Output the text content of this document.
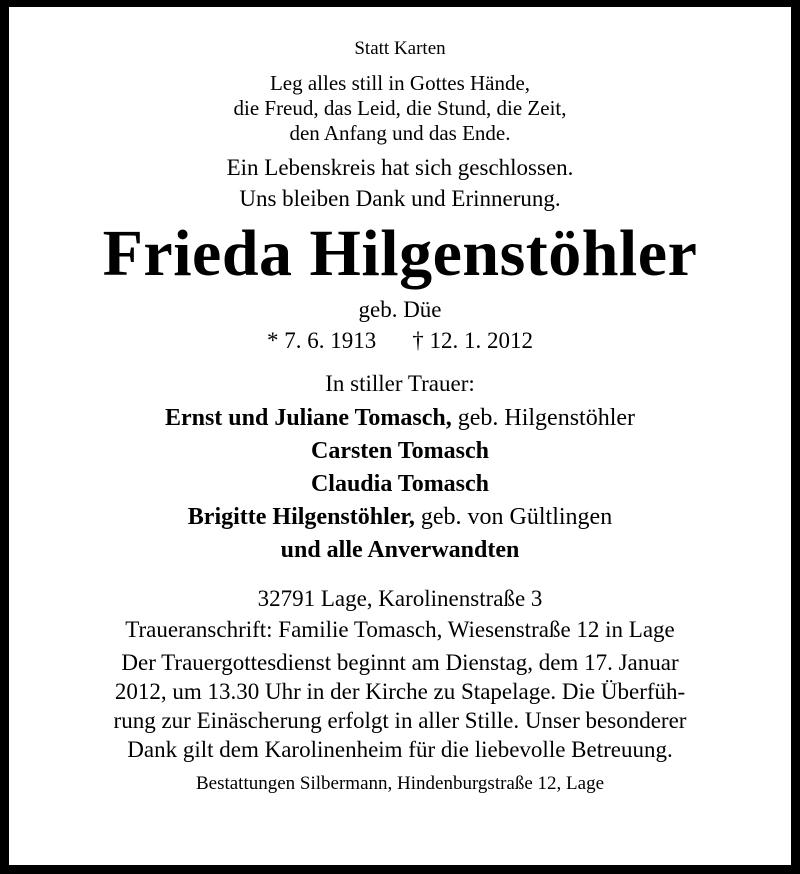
Statt Karten
Leg alles still in Gottes Hände,
die Freud, das Leid, die Stund, die Zeit,
den Anfang und das Ende.
Ein Lebenskreis hat sich geschlossen.
Uns bleiben Dank und Erinnerung.
Frieda Hilgenstöhler
geb. Düe
* 7. 6. 1913 † 12. 1. 2012
In stiller Trauer:
Ernst und Juliane Tomasch, geb. Hilgenstöhler
Carsten Tomasch
Claudia Tomasch
Brigitte Hilgenstöhler, geb. von Gültlingen
und alle Anverwandten
32791 Lage, Karolinenstraße 3
Traueranschrift: Familie Tomasch, Wiesenstraße 12 in Lage
Der Trauergottesdienst beginnt am Dienstag, dem 17. Januar
2012, um 13.30 Uhr in der Kirche zu Stapelage. Die Überfüh-
rung zur Einäscherung erfolgt in aller Stille. Unser besonderer
Dank gilt dem Karolinenheim für die liebevolle Betreuung.
Bestattungen Silbermann, Hindenburgstraße 12, Lage
